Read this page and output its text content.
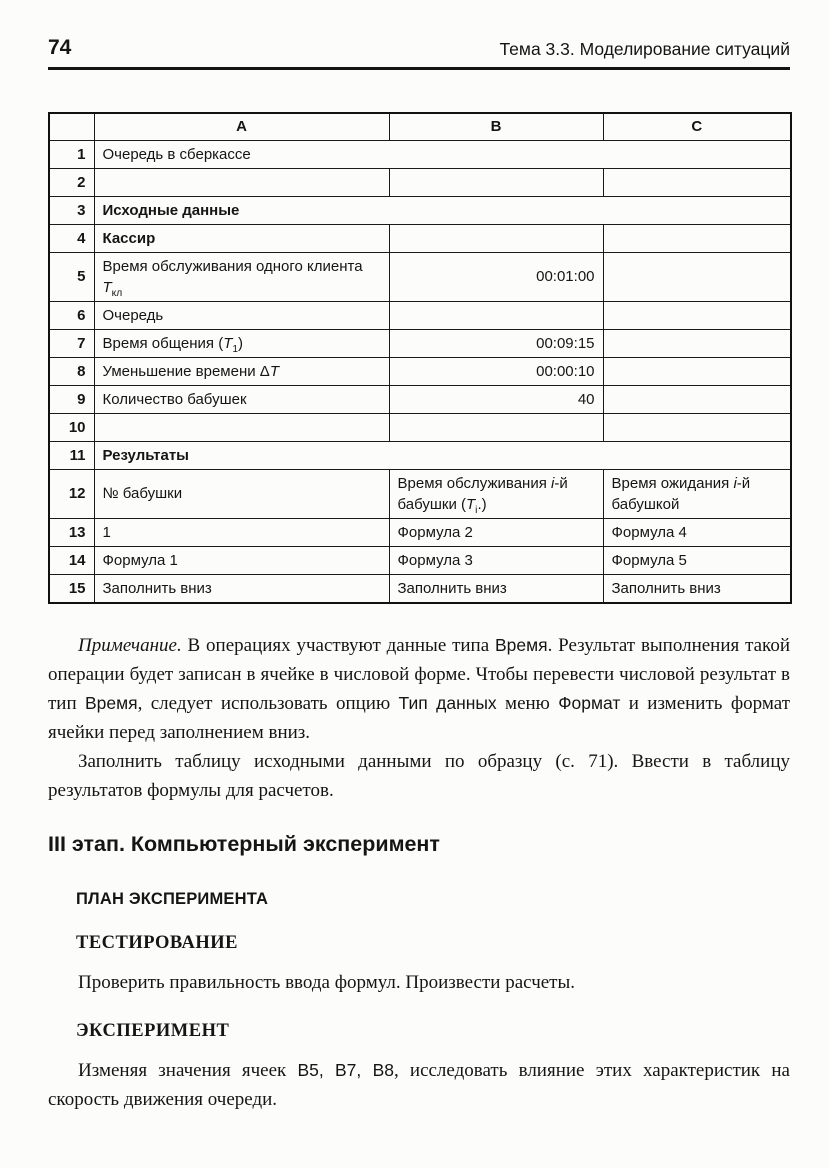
74	Тема 3.3. Моделирование ситуаций
	A	B	C
1	Очередь в сберкассе		
2			
3	Исходные данные		
4	Кассир		
5	Время обслуживания одного клиента $T_{кл}$	00:01:00	
6	Очередь		
7	Время общения $(T_1)$	00:09:15	
8	Уменьшение времени ΔT	00:00:10	
9	Количество бабушек	40	
10			
11	Результаты		
12	№ бабушки	Время обслуживания i-й бабушки $(T_i.)$	Время ожидания i-й бабушкой
13	1	Формула 2	Формула 4
14	Формула 1	Формула 3	Формула 5
15	Заполнить вниз	Заполнить вниз	Заполнить вниз

Примечание. В операциях участвуют данные типа Время. Результат выполнения такой операции будет записан в ячейке в числовой форме. Чтобы перевести числовой результат в тип Время, следует использовать опцию Тип данных меню Формат и изменить формат ячейки перед заполнением вниз.

Заполнить таблицу исходными данными по образцу (с. 71). Ввести в таблицу результатов формулы для расчетов.

III этап. Компьютерный эксперимент
ПЛАН ЭКСПЕРИМЕНТА
ТЕСТИРОВАНИЕ

Проверить правильность ввода формул. Произвести расчеты.

ЭКСПЕРИМЕНТ

Изменяя значения ячеек B5, B7, B8, исследовать влияние этих характеристик на скорость движения очереди.
